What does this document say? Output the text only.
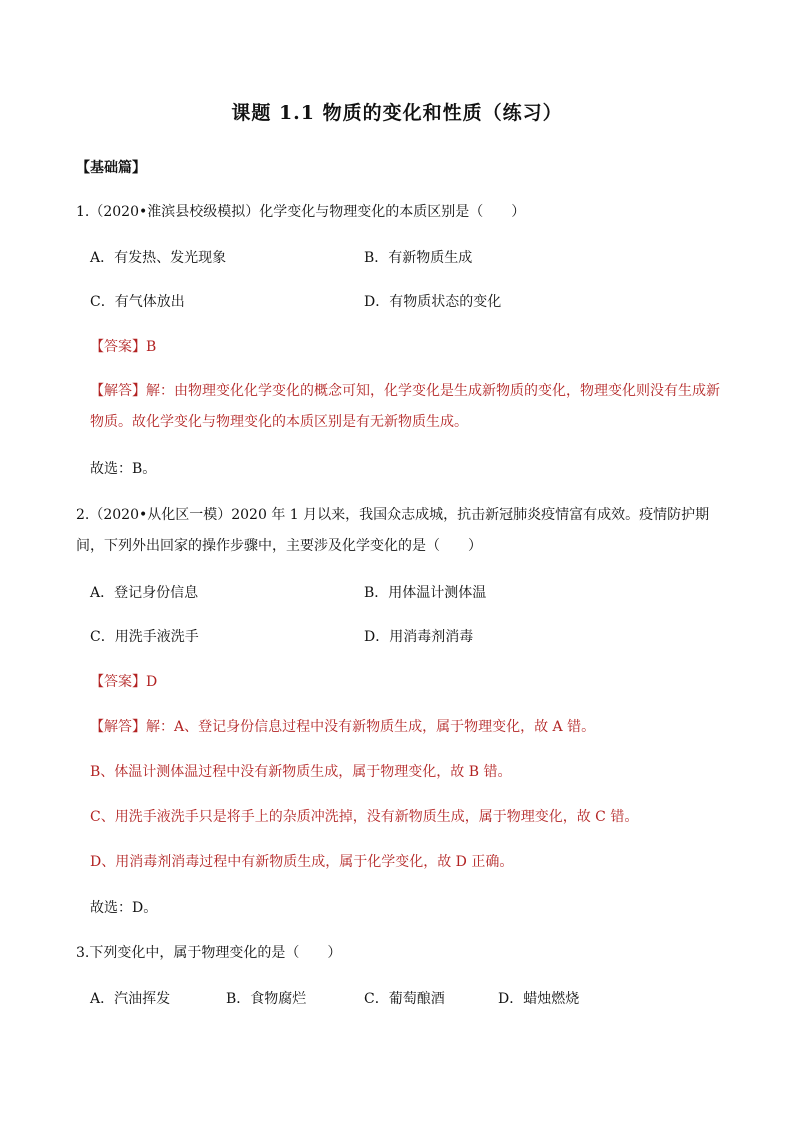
课题 1.1 物质的变化和性质（练习）
【基础篇】
1.（2020•淮滨县校级模拟）化学变化与物理变化的本质区别是（　　）
A．有发热、发光现象	B．有新物质生成
C．有气体放出	D．有物质状态的变化
【答案】B
【解答】解：由物理变化化学变化的概念可知，化学变化是生成新物质的变化，物理变化则没有生成新物质。故化学变化与物理变化的本质区别是有无新物质生成。
故选：B。
2.（2020•从化区一模）2020 年 1 月以来，我国众志成城，抗击新冠肺炎疫情富有成效。疫情防护期间，下列外出回家的操作步骤中，主要涉及化学变化的是（　　）
A．登记身份信息	B．用体温计测体温
C．用洗手液洗手	D．用消毒剂消毒
【答案】D
【解答】解：A、登记身份信息过程中没有新物质生成，属于物理变化，故 A 错。
B、体温计测体温过程中没有新物质生成，属于物理变化，故 B 错。
C、用洗手液洗手只是将手上的杂质冲洗掉，没有新物质生成，属于物理变化，故 C 错。
D、用消毒剂消毒过程中有新物质生成，属于化学变化，故 D 正确。
故选：D。
3.下列变化中，属于物理变化的是（　　）
A．汽油挥发	B．食物腐烂	C．葡萄酿酒	D．蜡烛燃烧
